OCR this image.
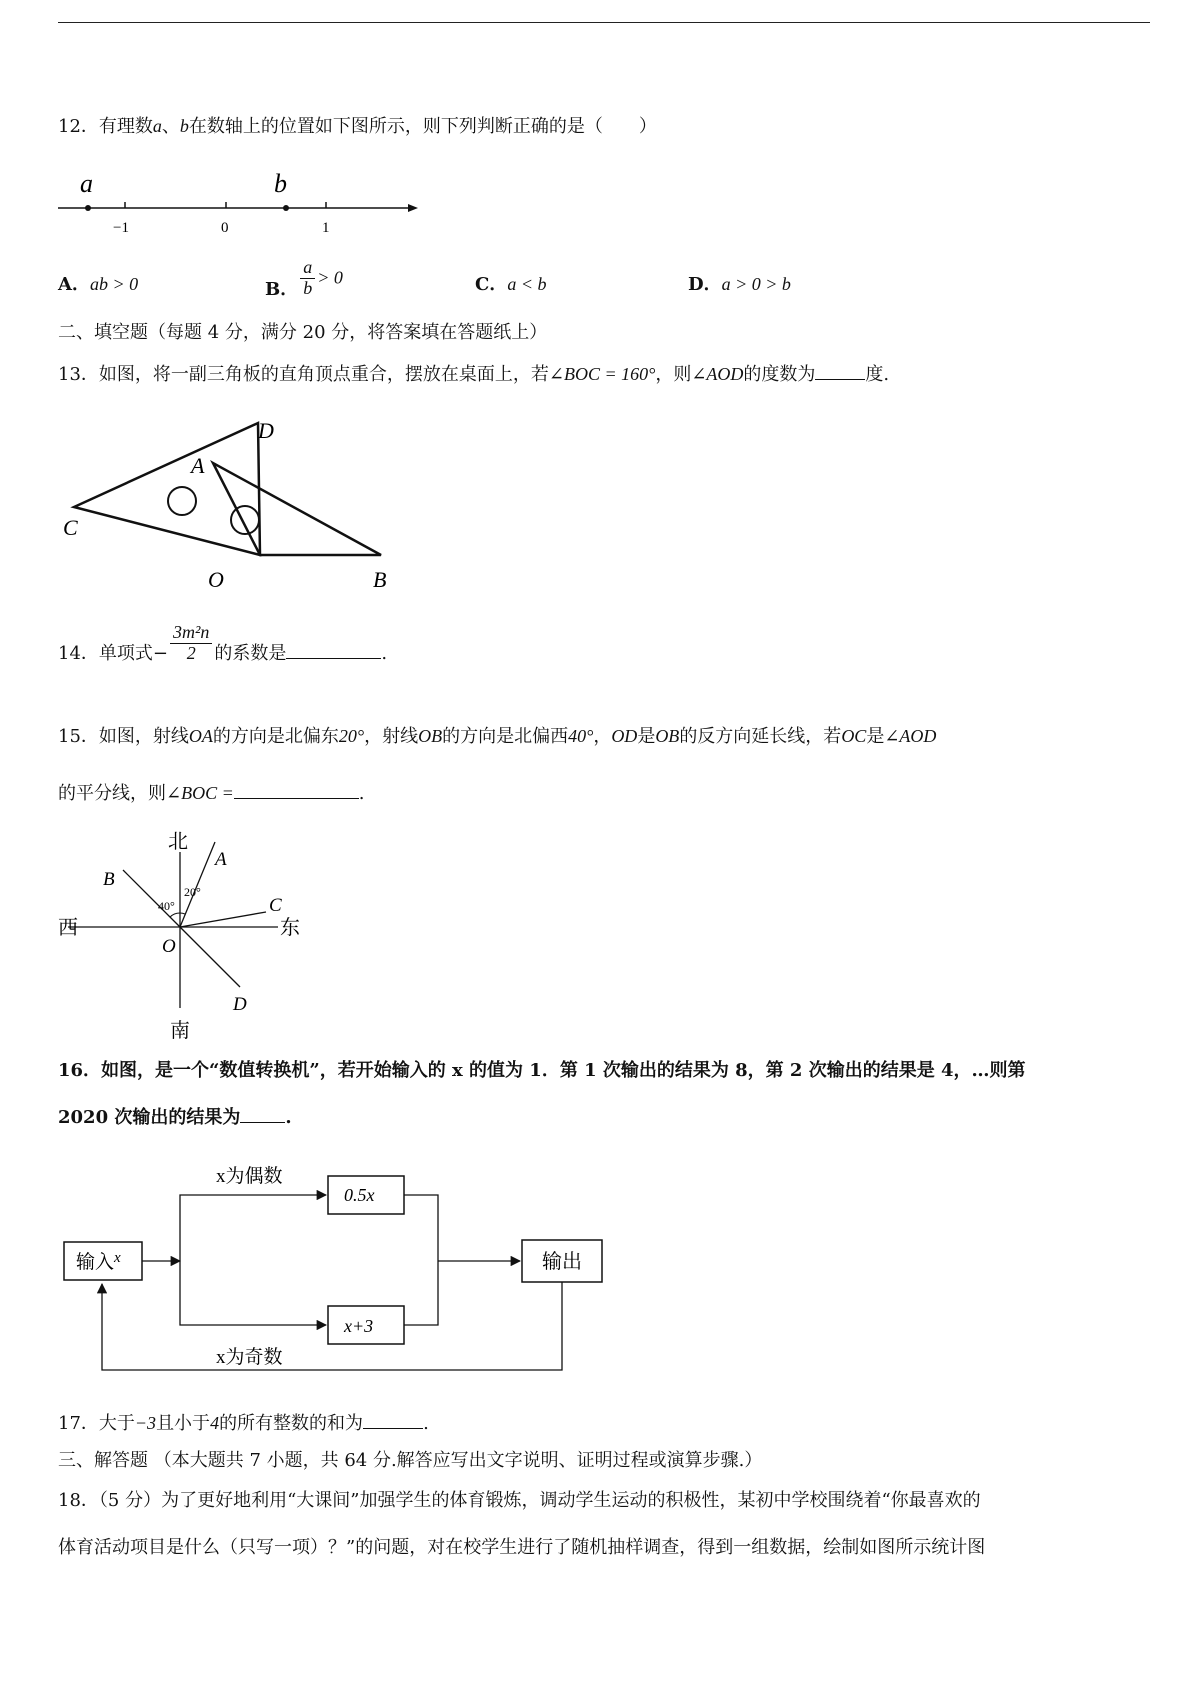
12．有理数a、b在数轴上的位置如下图所示，则下列判断正确的是（　　）
a	b
−1	0	1
A．ab > 0	B． $\frac{a}{b} > 0$	C．a < b	D．a > 0 > b
二、填空题（每题 4 分，满分 20 分，将答案填在答题纸上）
13．如图，将一副三角板的直角顶点重合，摆放在桌面上，若∠BOC = 160°，则∠AOD的度数为	度.
D
A
C
O	B
14．单项式− $\frac{\text{3m²n}}{2}$ 的系数是	.
15．如图，射线OA的方向是北偏东20°，射线OB的方向是北偏西40°，OD是OB的反方向延长线，若OC是∠AOD
的平分线，则∠BOC =	.
北
南
西	东
A
B
C
D
O
20°
40°
16．如图，是一个“数值转换机”，若开始输入的 x 的值为 1．第 1 次输出的结果为 8，第 2 次输出的结果是 4，…则第
2020 次输出的结果为	.
输入$^x$
x为偶数
x为奇数
0.5x
x+3
输出
17．大于−3且小于4的所有整数的和为	.
三、解答题 （本大题共 7 小题，共 64 分.解答应写出文字说明、证明过程或演算步骤.）
18．（5 分）为了更好地利用“大课间”加强学生的体育锻炼，调动学生运动的积极性，某初中学校围绕着“你最喜欢的
体育活动项目是什么（只写一项）？”的问题，对在校学生进行了随机抽样调查，得到一组数据，绘制如图所示统计图
